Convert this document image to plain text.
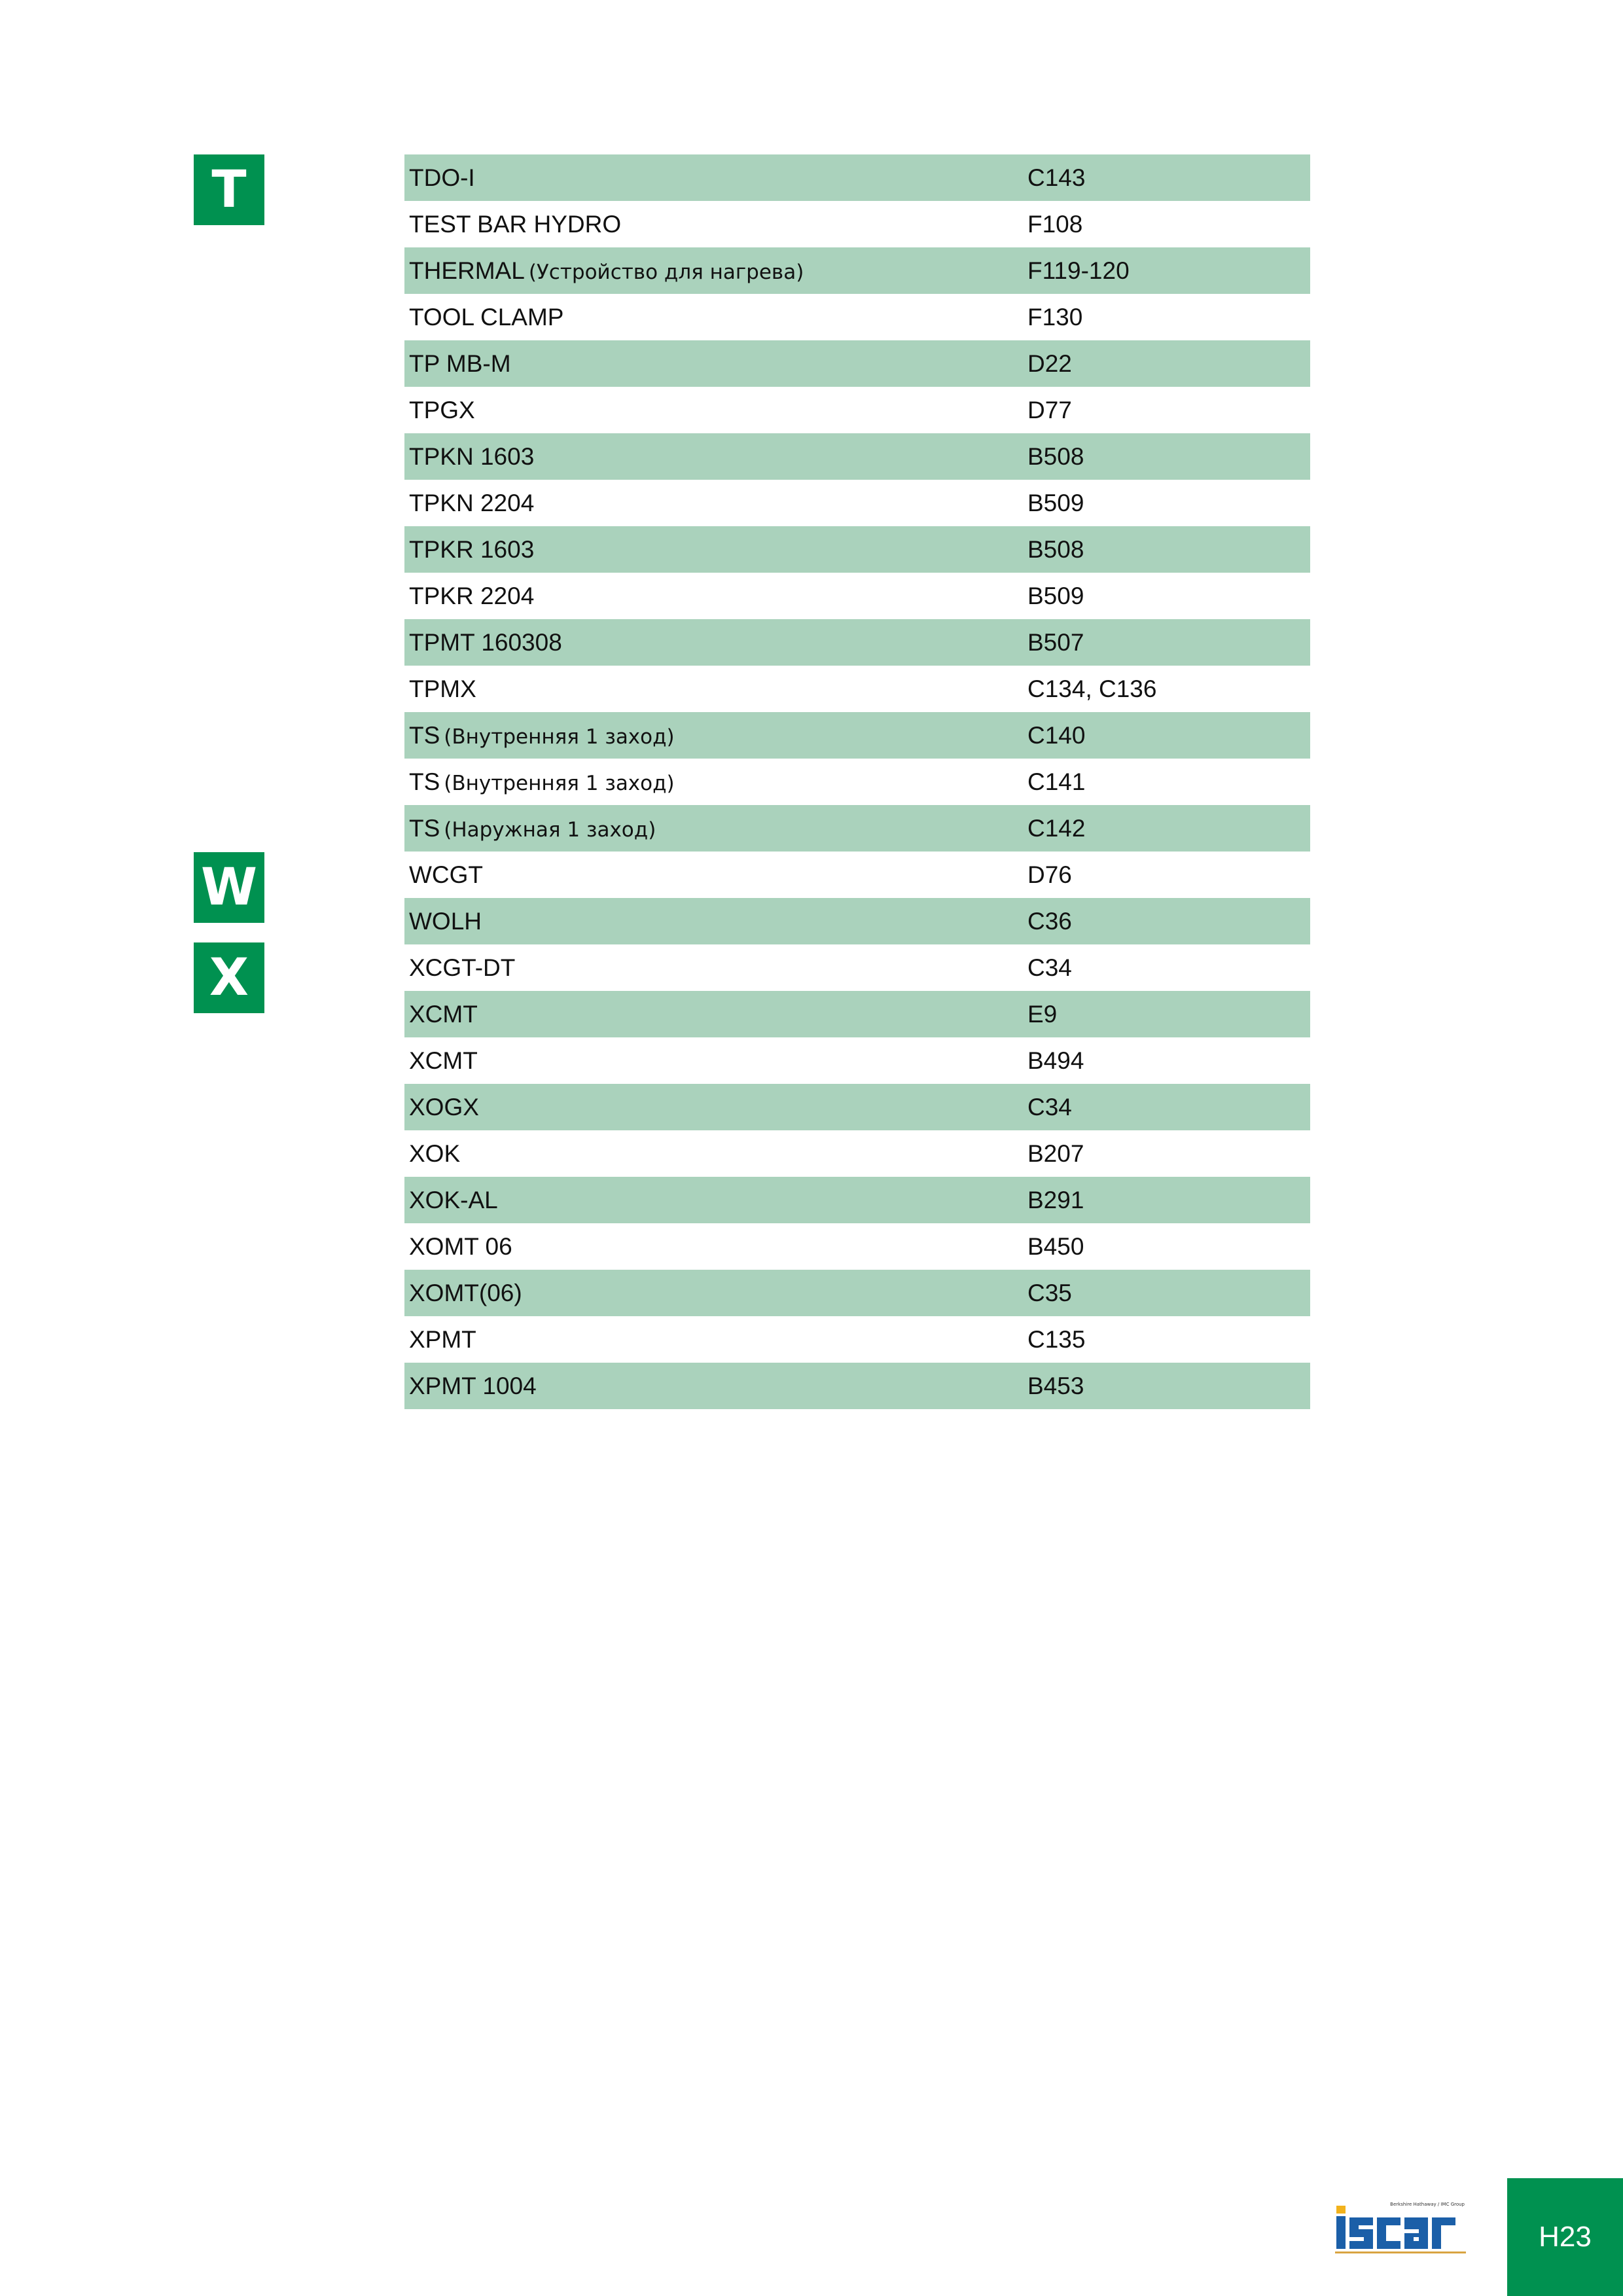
T
W
X
TDO-I	C143
TEST BAR HYDRO	F108
THERMAL (Устройство для нагрева)	F119-120
TOOL CLAMP	F130
TP MB-M	D22
TPGX	D77
TPKN 1603	B508
TPKN 2204	B509
TPKR 1603	B508
TPKR 2204	B509
TPMT 160308	B507
TPMX	C134, C136
TS (Внутренняя 1 заход)	C140
TS (Внутренняя 1 заход)	C141
TS (Наружная 1 заход)	C142
WCGT	D76
WOLH	C36
XCGT-DT	C34
XCMT	E9
XCMT	B494
XOGX	C34
XOK	B207
XOK-AL	B291
XOMT 06	B450
XOMT(06)	C35
XPMT	C135
XPMT 1004	B453
Berkshire Hathaway / IMC Group
H23
